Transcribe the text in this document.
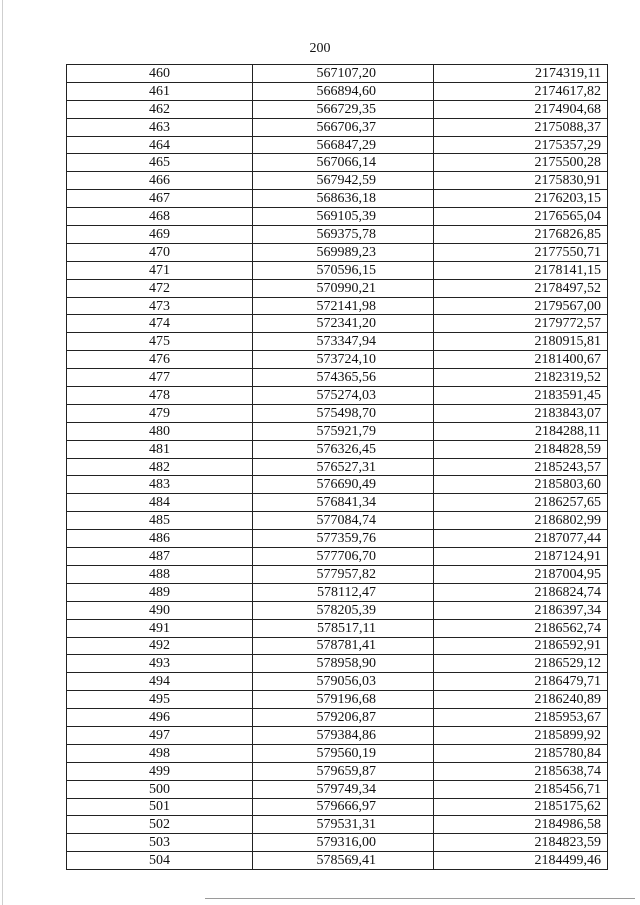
200
460	567107,20	2174319,11
461	566894,60	2174617,82
462	566729,35	2174904,68
463	566706,37	2175088,37
464	566847,29	2175357,29
465	567066,14	2175500,28
466	567942,59	2175830,91
467	568636,18	2176203,15
468	569105,39	2176565,04
469	569375,78	2176826,85
470	569989,23	2177550,71
471	570596,15	2178141,15
472	570990,21	2178497,52
473	572141,98	2179567,00
474	572341,20	2179772,57
475	573347,94	2180915,81
476	573724,10	2181400,67
477	574365,56	2182319,52
478	575274,03	2183591,45
479	575498,70	2183843,07
480	575921,79	2184288,11
481	576326,45	2184828,59
482	576527,31	2185243,57
483	576690,49	2185803,60
484	576841,34	2186257,65
485	577084,74	2186802,99
486	577359,76	2187077,44
487	577706,70	2187124,91
488	577957,82	2187004,95
489	578112,47	2186824,74
490	578205,39	2186397,34
491	578517,11	2186562,74
492	578781,41	2186592,91
493	578958,90	2186529,12
494	579056,03	2186479,71
495	579196,68	2186240,89
496	579206,87	2185953,67
497	579384,86	2185899,92
498	579560,19	2185780,84
499	579659,87	2185638,74
500	579749,34	2185456,71
501	579666,97	2185175,62
502	579531,31	2184986,58
503	579316,00	2184823,59
504	578569,41	2184499,46
